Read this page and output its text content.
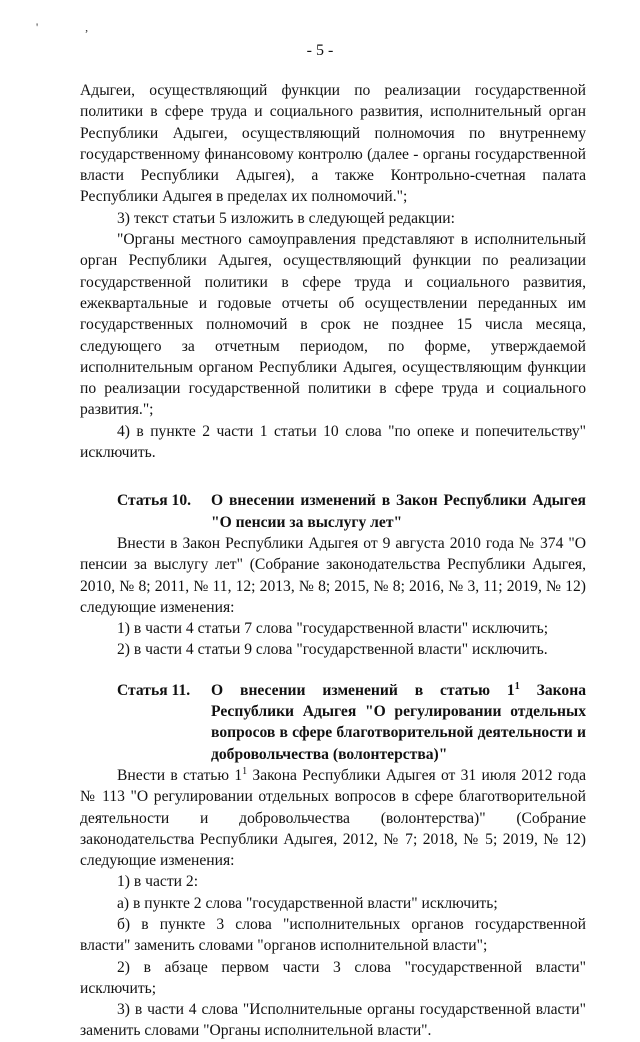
' ,
- 5 -

Адыгеи, осуществляющий функции по реализации государственной политики в сфере труда и социального развития, исполнительный орган Республики Адыгеи, осуществляющий полномочия по внутреннему государственному финансовому контролю (далее - органы государственной власти Республики Адыгея), а также Контрольно-счетная палата Республики Адыгея в пределах их полномочий.";

3) текст статьи 5 изложить в следующей редакции:

"Органы местного самоуправления представляют в исполнительный орган Республики Адыгея, осуществляющий функции по реализации государственной политики в сфере труда и социального развития, ежеквартальные и годовые отчеты об осуществлении переданных им государственных полномочий в срок не позднее 15 числа месяца, следующего за отчетным периодом, по форме, утверждаемой исполнительным органом Республики Адыгея, осуществляющим функции по реализации государственной политики в сфере труда и социального развития.";

4) в пункте 2 части 1 статьи 10 слова "по опеке и попечительству" исключить.

Статья 10.	О внесении изменений в Закон Республики Адыгея "О пенсии за выслугу лет"

Внести в Закон Республики Адыгея от 9 августа 2010 года № 374 "О пенсии за выслугу лет" (Собрание законодательства Республики Адыгея, 2010, № 8; 2011, № 11, 12; 2013, № 8; 2015, № 8; 2016, № 3, 11; 2019, № 12) следующие изменения:

1) в части 4 статьи 7 слова "государственной власти" исключить;

2) в части 4 статьи 9 слова "государственной власти" исключить.

Статья 11.	О внесении изменений в статью $1^1$ Закона Республики Адыгея "О регулировании отдельных вопросов в сфере благотворительной деятельности и добровольчества (волонтерства)"

Внести в статью $1^1$ Закона Республики Адыгея от 31 июля 2012 года № 113 "О регулировании отдельных вопросов в сфере благотворительной деятельности и добровольчества (волонтерства)" (Собрание законодательства Республики Адыгея, 2012, № 7; 2018, № 5; 2019, № 12) следующие изменения:

1) в части 2:

а) в пункте 2 слова "государственной власти" исключить;

б) в пункте 3 слова "исполнительных органов государственной власти" заменить словами "органов исполнительной власти";

2) в абзаце первом части 3 слова "государственной власти" исключить;

3) в части 4 слова "Исполнительные органы государственной власти" заменить словами "Органы исполнительной власти".
